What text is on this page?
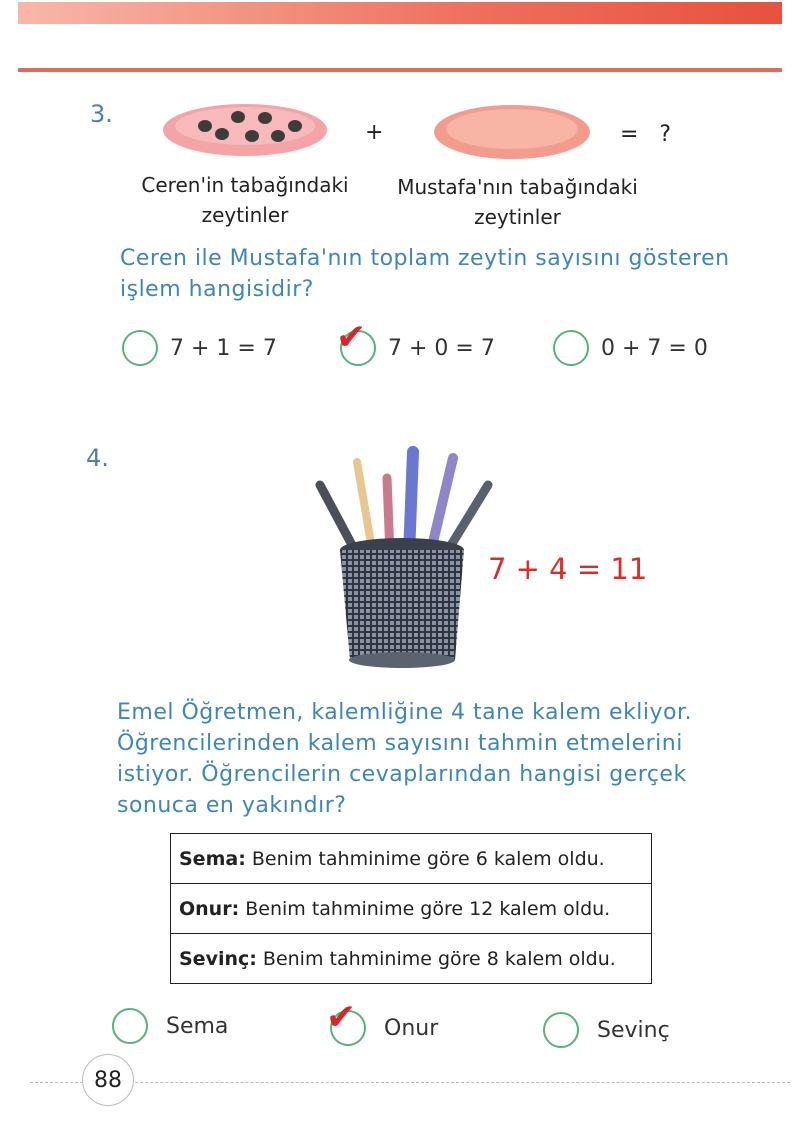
3.
+	= ?
Ceren'in tabağındaki
zeytinler
Mustafa'nın tabağındaki
zeytinler
Ceren ile Mustafa'nın toplam zeytin sayısını gösteren
işlem hangisidir?
7 + 1 = 7 ✔ 7 + 0 = 7	0 + 7 = 0
4.
7 + 4 = 11
Emel Öğretmen, kalemliğine 4 tane kalem ekliyor.
Öğrencilerinden kalem sayısını tahmin etmelerini
istiyor. Öğrencilerin cevaplarından hangisi gerçek
sonuca en yakındır?
Sema: Benim tahminime göre 6 kalem oldu.
Onur: Benim tahminime göre 12 kalem oldu.
Sevinç: Benim tahminime göre 8 kalem oldu.
Sema	✔ Onur	Sevinç
88
